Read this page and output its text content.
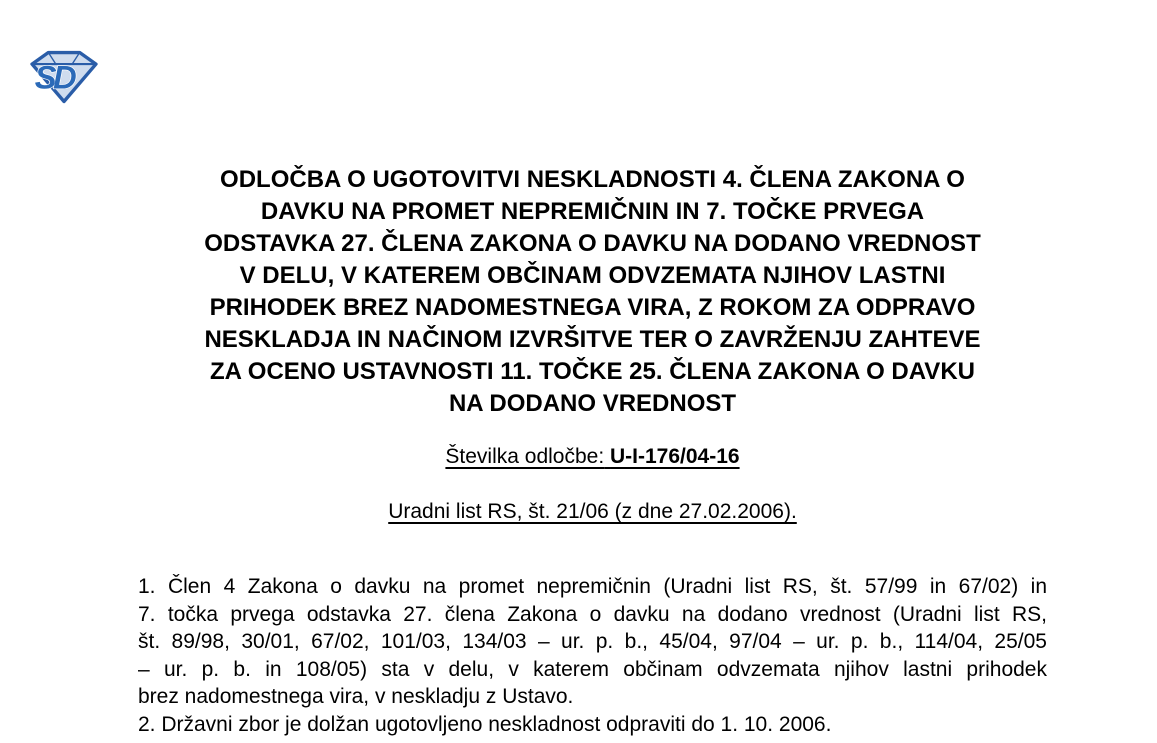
SD
ODLOČBA O UGOTOVITVI NESKLADNOSTI 4. ČLENA ZAKONA O
DAVKU NA PROMET NEPREMIČNIN IN 7. TOČKE PRVEGA
ODSTAVKA 27. ČLENA ZAKONA O DAVKU NA DODANO VREDNOST
V DELU, V KATEREM OBČINAM ODVZEMATA NJIHOV LASTNI
PRIHODEK BREZ NADOMESTNEGA VIRA, Z ROKOM ZA ODPRAVO
NESKLADJA IN NAČINOM IZVRŠITVE TER O ZAVRŽENJU ZAHTEVE
ZA OCENO USTAVNOSTI 11. TOČKE 25. ČLENA ZAKONA O DAVKU
NA DODANO VREDNOST
Številka odločbe: U-I-176/04-16
Uradni list RS, št. 21/06 (z dne 27.02.2006).
1. Člen 4 Zakona o davku na promet nepremičnin (Uradni list RS, št. 57/99 in 67/02) in
7. točka prvega odstavka 27. člena Zakona o davku na dodano vrednost (Uradni list RS,
št. 89/98, 30/01, 67/02, 101/03, 134/03 – ur. p. b., 45/04, 97/04 – ur. p. b., 114/04, 25/05
– ur. p. b. in 108/05) sta v delu, v katerem občinam odvzemata njihov lastni prihodek
brez nadomestnega vira, v neskladju z Ustavo.
2. Državni zbor je dolžan ugotovljeno neskladnost odpraviti do 1. 10. 2006.
